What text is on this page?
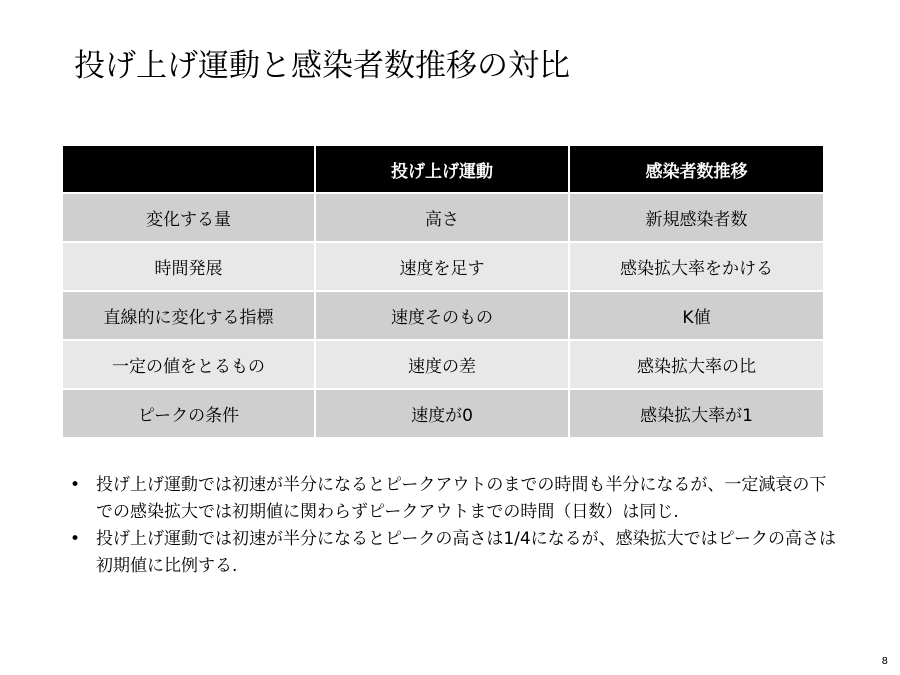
投げ上げ運動と感染者数推移の対比
	投げ上げ運動	感染者数推移
変化する量	高さ	新規感染者数
時間発展	速度を足す	感染拡大率をかける
直線的に変化する指標	速度そのもの	K値
一定の値をとるもの	速度の差	感染拡大率の比
ピークの条件	速度が0	感染拡大率が1
• 投げ上げ運動では初速が半分になるとピークアウトのまでの時間も半分になるが、一定減衰の下での感染拡大では初期値に関わらずピークアウトまでの時間（日数）は同じ.
• 投げ上げ運動では初速が半分になるとピークの高さは1/4になるが、感染拡大ではピークの高さは初期値に比例する.
8
